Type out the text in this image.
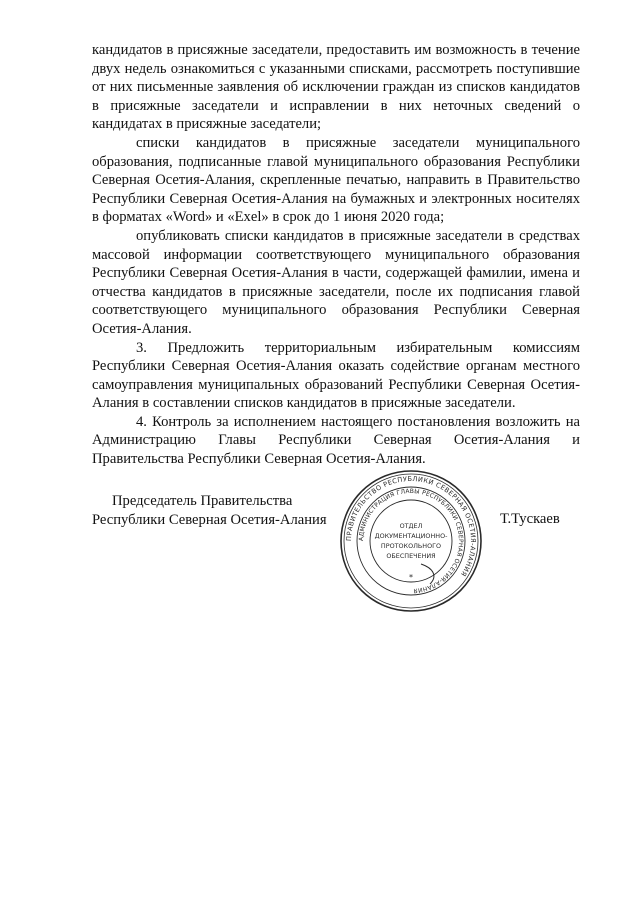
кандидатов в присяжные заседатели, предоставить им возможность в течение двух недель ознакомиться с указанными списками, рассмотреть поступившие от них письменные заявления об исключении граждан из списков кандидатов в присяжные заседатели и исправлении в них неточных сведений о кандидатах в присяжные заседатели;

списки кандидатов в присяжные заседатели муниципального образования, подписанные главой муниципального образования Республики Северная Осетия-Алания, скрепленные печатью, направить в Правительство Республики Северная Осетия-Алания на бумажных и электронных носителях в форматах «Word» и «Exel» в срок до 1 июня 2020 года;

опубликовать списки кандидатов в присяжные заседатели в средствах массовой информации соответствующего муниципального образования Республики Северная Осетия-Алания в части, содержащей фамилии, имена и отчества кандидатов в присяжные заседатели, после их подписания главой соответствующего муниципального образования Республики Северная Осетия-Алания.

3. Предложить территориальным избирательным комиссиям Республики Северная Осетия-Алания оказать содействие органам местного самоуправления муниципальных образований Республики Северная Осетия-Алания в составлении списков кандидатов в присяжные заседатели.

4. Контроль за исполнением настоящего постановления возложить на Администрацию Главы Республики Северная Осетия-Алания и Правительства Республики Северная Осетия-Алания.

Председатель Правительства
Республики Северная Осетия-Алания
ПРАВИТЕЛЬСТВО РЕСПУБЛИКИ СЕВЕРНАЯ ОСЕТИЯ-АЛАНИЯ
АДМИНИСТРАЦИЯ ГЛАВЫ РЕСПУБЛИКИ СЕВЕРНАЯ ОСЕТИЯ-АЛАНИЯ
ОТДЕЛ
ДОКУМЕНТАЦИОННО-
ПРОТОКОЛЬНОГО
ОБЕСПЕЧЕНИЯ
*
Т.Тускаев
